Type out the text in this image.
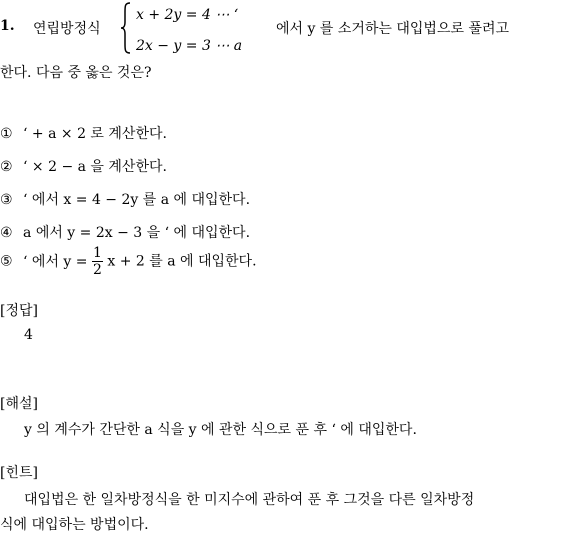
1. 연립방정식
x + 2y = 4 ⋯ ‘
2x − y = 3 ⋯ a
에서 y 를 소거하는 대입법으로 풀려고
한다. 다음 중 옳은 것은?
① ‘ + a × 2 로 계산한다.
② ‘ × 2 − a 을 계산한다.
③ ‘ 에서 x = 4 − 2y 를 a 에 대입한다.
④ a 에서 y = 2x − 3 을 ‘ 에 대입한다.
⑤ ‘ 에서 $y = \frac{1}{2}$ x + 2 를 a 에 대입한다.
[정답]
4
[해설]
y 의 계수가 간단한 a 식을 y 에 관한 식으로 푼 후 ‘ 에 대입한다.
[힌트]
대입법은 한 일차방정식을 한 미지수에 관하여 푼 후 그것을 다른 일차방정
식에 대입하는 방법이다.
